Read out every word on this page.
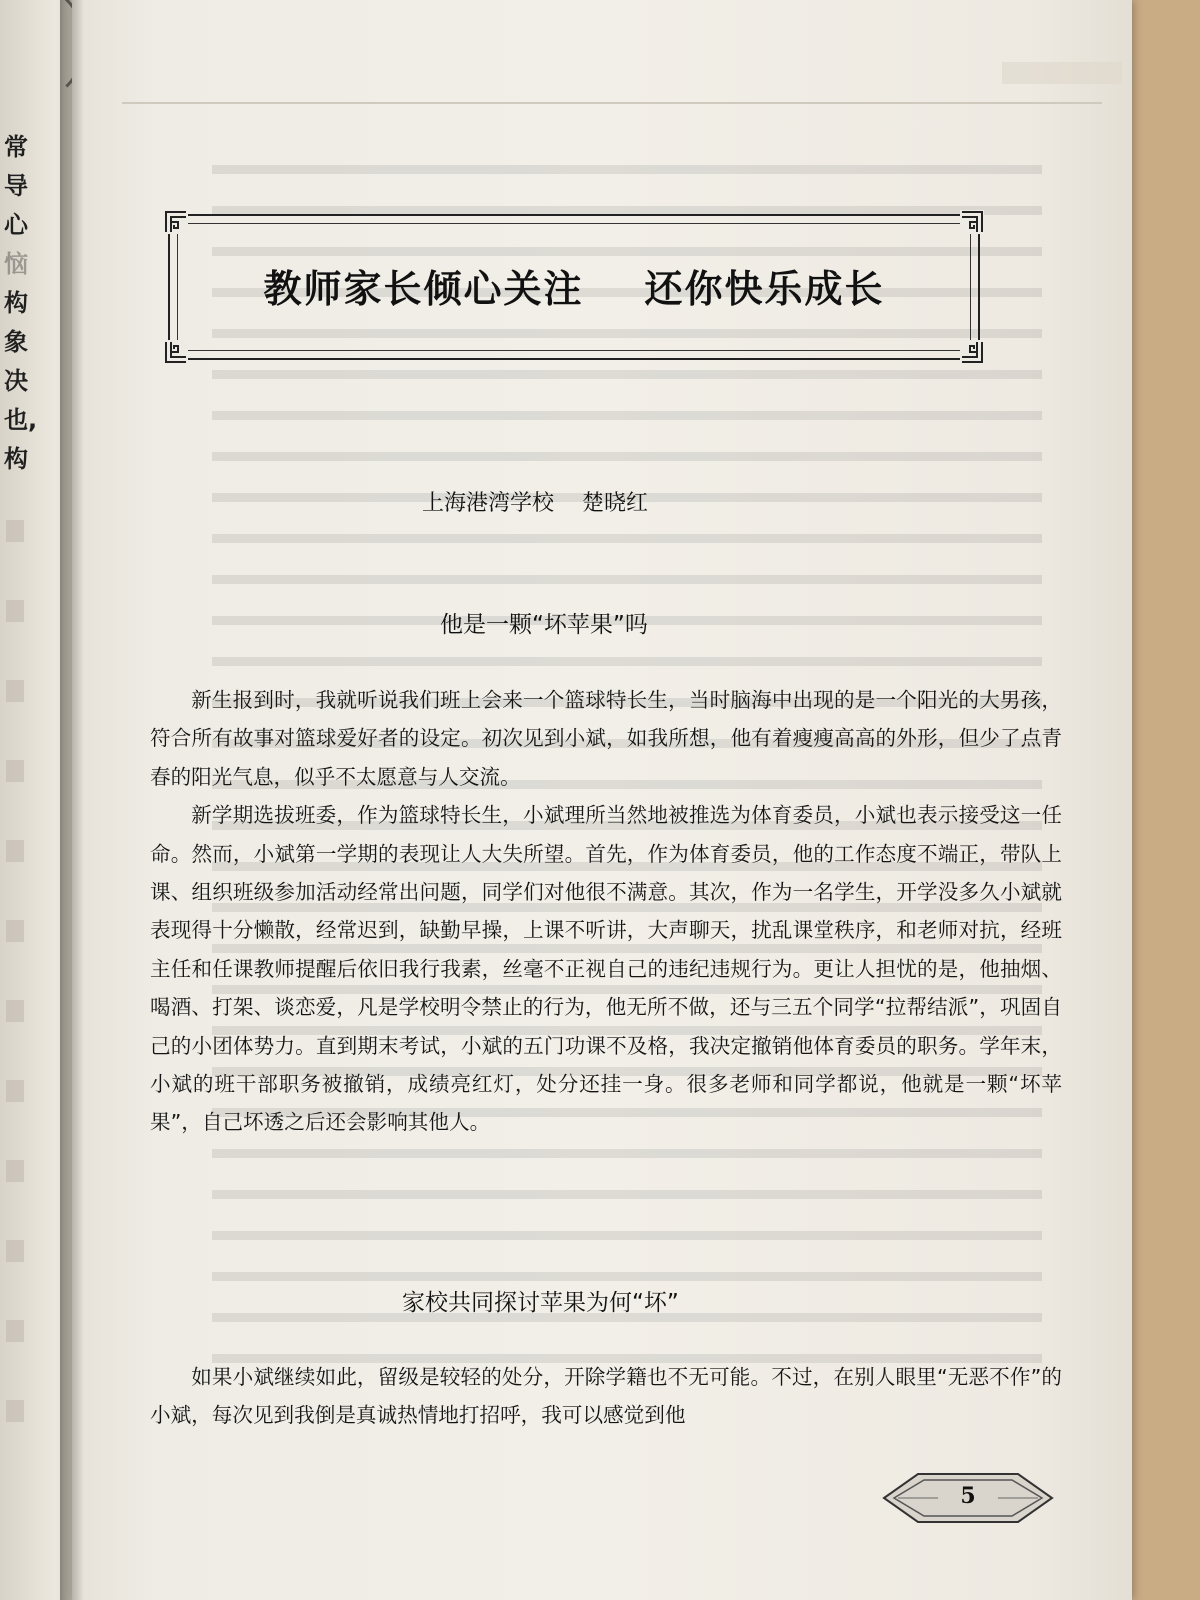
常
导
心
恼
构
象
决
也,
构
教师家长倾心关注    还你快乐成长
上海港湾学校    楚晓红
他是一颗“坏苹果”吗

新生报到时，我就听说我们班上会来一个篮球特长生，当时脑海中出现的是一个阳光的大男孩，符合所有故事对篮球爱好者的设定。初次见到小斌，如我所想，他有着瘦瘦高高的外形，但少了点青春的阳光气息，似乎不太愿意与人交流。

新学期选拔班委，作为篮球特长生，小斌理所当然地被推选为体育委员，小斌也表示接受这一任命。然而，小斌第一学期的表现让人大失所望。首先，作为体育委员，他的工作态度不端正，带队上课、组织班级参加活动经常出问题，同学们对他很不满意。其次，作为一名学生，开学没多久小斌就表现得十分懒散，经常迟到，缺勤早操，上课不听讲，大声聊天，扰乱课堂秩序，和老师对抗，经班主任和任课教师提醒后依旧我行我素，丝毫不正视自己的违纪违规行为。更让人担忧的是，他抽烟、喝酒、打架、谈恋爱，凡是学校明令禁止的行为，他无所不做，还与三五个同学“拉帮结派”，巩固自己的小团体势力。直到期末考试，小斌的五门功课不及格，我决定撤销他体育委员的职务。学年末，小斌的班干部职务被撤销，成绩亮红灯，处分还挂一身。很多老师和同学都说，他就是一颗“坏苹果”，自己坏透之后还会影响其他人。

家校共同探讨苹果为何“坏”

如果小斌继续如此，留级是较轻的处分，开除学籍也不无可能。不过，在别人眼里“无恶不作”的小斌，每次见到我倒是真诚热情地打招呼，我可以感觉到他

5
